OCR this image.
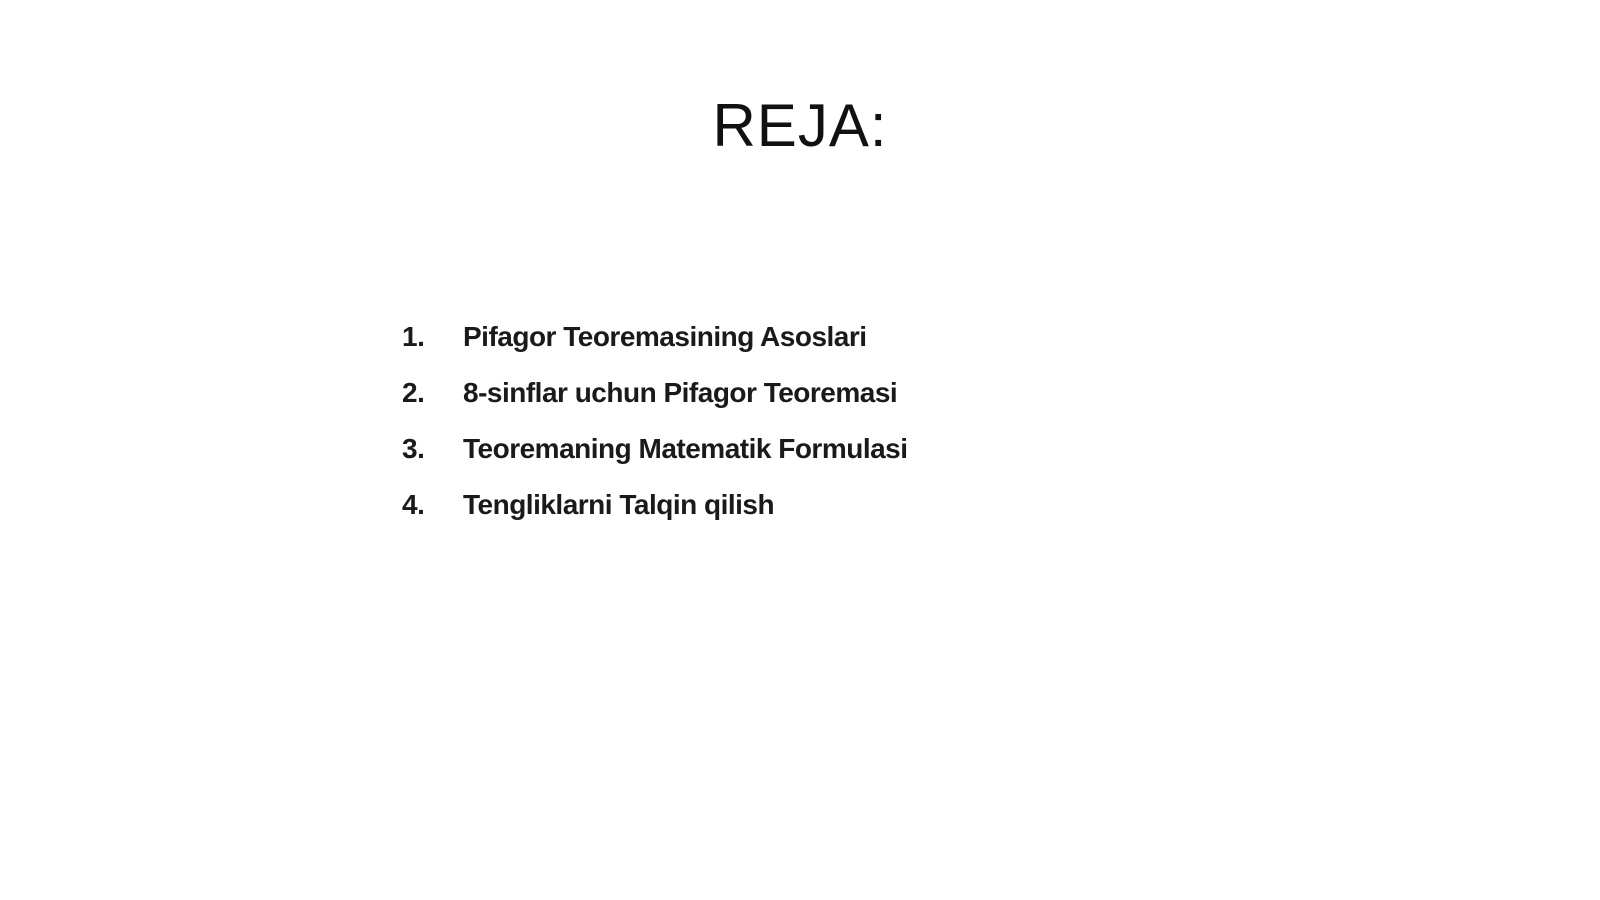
REJA:
1.	Pifagor Teoremasining Asoslari
2.	8-sinflar uchun Pifagor Teoremasi
3.	Teoremaning Matematik Formulasi
4.	Tengliklarni Talqin qilish
